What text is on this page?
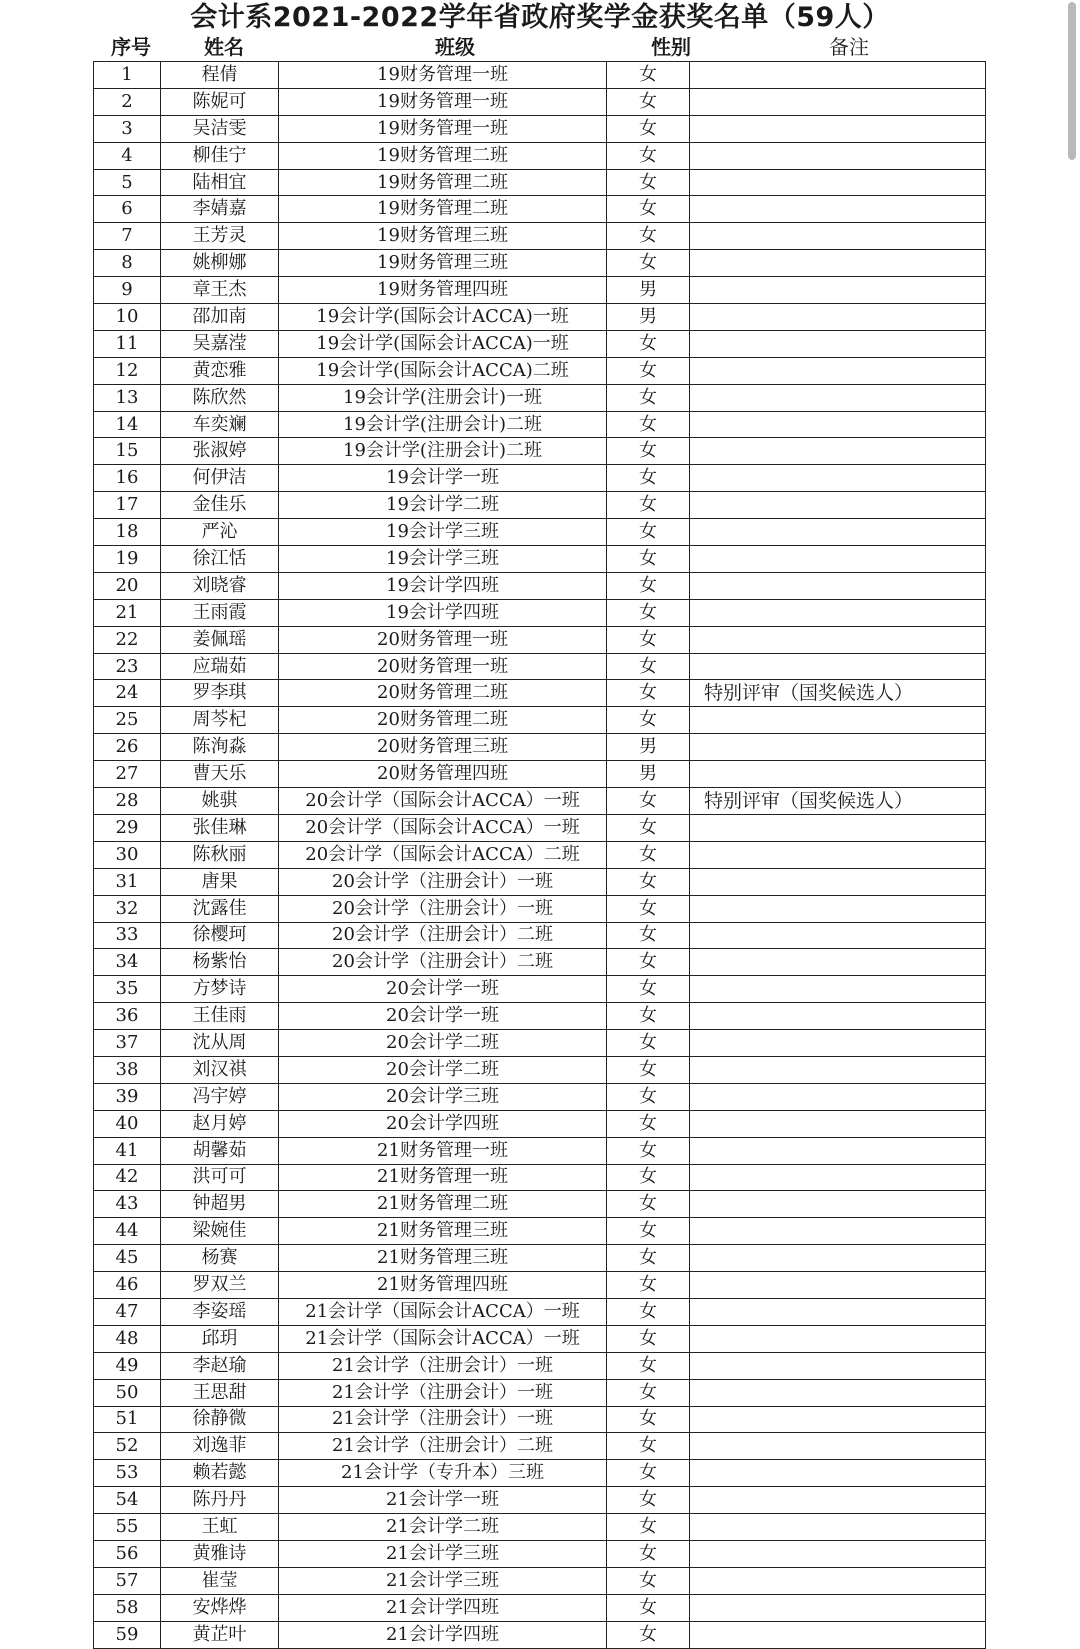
会计系2021-2022学年省政府奖学金获奖名单（59人）
序号	姓名	班级	性别	备注
1	程倩	19财务管理一班	女	
2	陈妮可	19财务管理一班	女	
3	吴洁雯	19财务管理一班	女	
4	柳佳宁	19财务管理二班	女	
5	陆相宜	19财务管理二班	女	
6	李婧嘉	19财务管理二班	女	
7	王芳灵	19财务管理三班	女	
8	姚柳娜	19财务管理三班	女	
9	章王杰	19财务管理四班	男	
10	邵加南	19会计学(国际会计ACCA)一班	男	
11	吴嘉滢	19会计学(国际会计ACCA)一班	女	
12	黄恋雅	19会计学(国际会计ACCA)二班	女	
13	陈欣然	19会计学(注册会计)一班	女	
14	车奕斓	19会计学(注册会计)二班	女	
15	张淑婷	19会计学(注册会计)二班	女	
16	何伊洁	19会计学一班	女	
17	金佳乐	19会计学二班	女	
18	严沁	19会计学三班	女	
19	徐江恬	19会计学三班	女	
20	刘晓睿	19会计学四班	女	
21	王雨霞	19会计学四班	女	
22	姜佩瑶	20财务管理一班	女	
23	应瑞茹	20财务管理一班	女	
24	罗李琪	20财务管理二班	女	特别评审（国奖候选人）
25	周芩杞	20财务管理二班	女	
26	陈洵淼	20财务管理三班	男	
27	曹天乐	20财务管理四班	男	
28	姚骐	20会计学（国际会计ACCA）一班	女	特别评审（国奖候选人）
29	张佳琳	20会计学（国际会计ACCA）一班	女	
30	陈秋丽	20会计学（国际会计ACCA）二班	女	
31	唐果	20会计学（注册会计）一班	女	
32	沈露佳	20会计学（注册会计）一班	女	
33	徐樱珂	20会计学（注册会计）二班	女	
34	杨紫怡	20会计学（注册会计）二班	女	
35	方梦诗	20会计学一班	女	
36	王佳雨	20会计学一班	女	
37	沈从周	20会计学二班	女	
38	刘汉祺	20会计学二班	女	
39	冯宇婷	20会计学三班	女	
40	赵月婷	20会计学四班	女	
41	胡馨茹	21财务管理一班	女	
42	洪可可	21财务管理一班	女	
43	钟超男	21财务管理二班	女	
44	梁婉佳	21财务管理三班	女	
45	杨赛	21财务管理三班	女	
46	罗双兰	21财务管理四班	女	
47	李姿瑶	21会计学（国际会计ACCA）一班	女	
48	邱玥	21会计学（国际会计ACCA）一班	女	
49	李赵瑜	21会计学（注册会计）一班	女	
50	王思甜	21会计学（注册会计）一班	女	
51	徐静微	21会计学（注册会计）一班	女	
52	刘逸菲	21会计学（注册会计）二班	女	
53	赖若懿	21会计学（专升本）三班	女	
54	陈丹丹	21会计学一班	女	
55	王虹	21会计学二班	女	
56	黄雅诗	21会计学三班	女	
57	崔莹	21会计学三班	女	
58	安烨烨	21会计学四班	女	
59	黄芷叶	21会计学四班	女	
